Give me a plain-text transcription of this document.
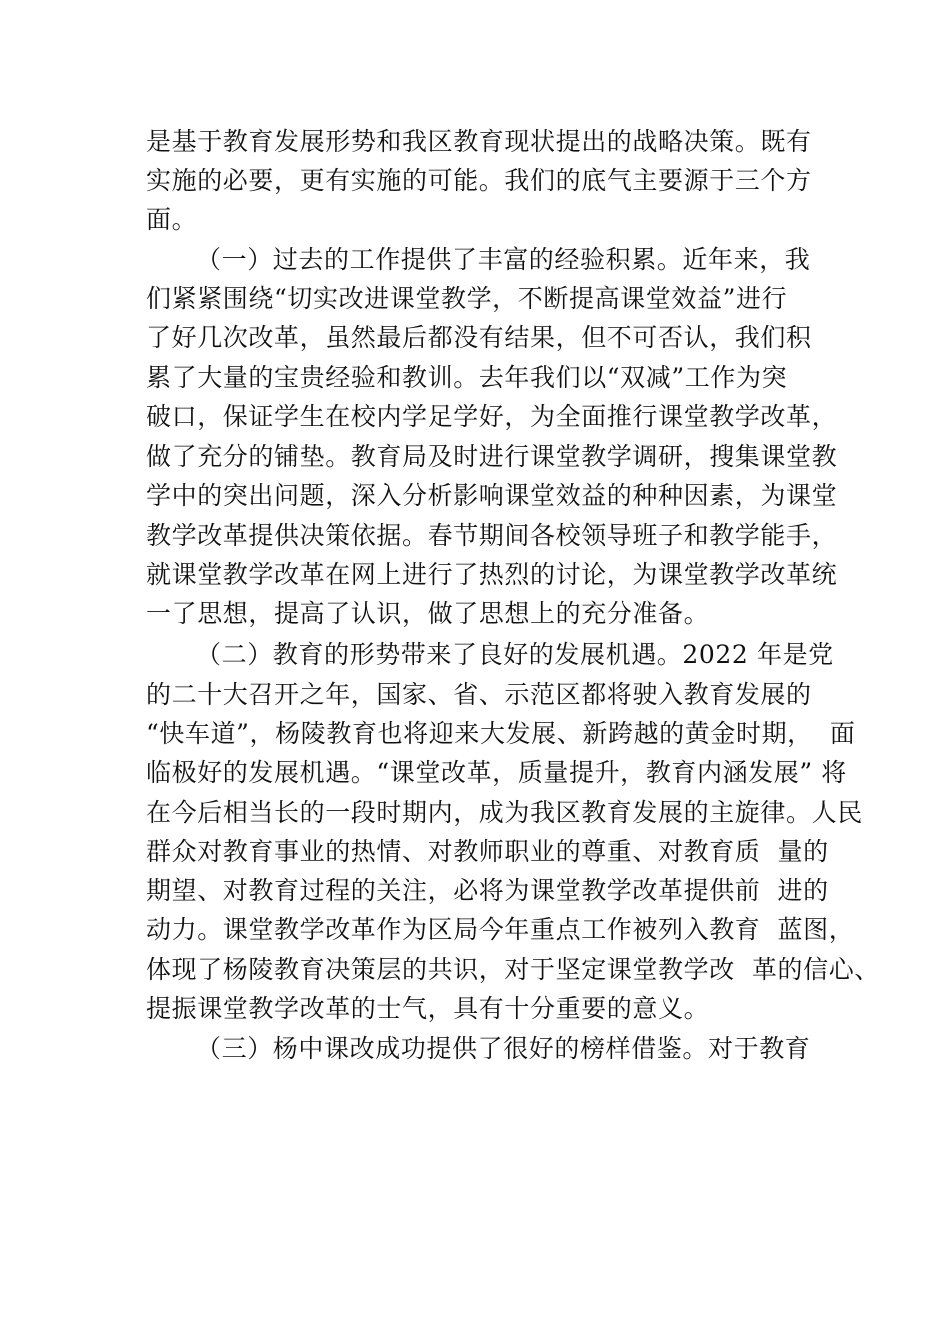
是基于教育发展形势和我区教育现状提出的战略决策。既有
实施的必要，更有实施的可能。我们的底气主要源于三个方
面。
（一）过去的工作提供了丰富的经验积累。近年来，我
们紧紧围绕“切实改进课堂教学，不断提高课堂效益”进行
了好几次改革，虽然最后都没有结果，但不可否认，我们积
累了大量的宝贵经验和教训。去年我们以“双减”工作为突
破口，保证学生在校内学足学好，为全面推行课堂教学改革，
做了充分的铺垫。教育局及时进行课堂教学调研，搜集课堂教
学中的突出问题，深入分析影响课堂效益的种种因素，为课堂
教学改革提供决策依据。春节期间各校领导班子和教学能手，
就课堂教学改革在网上进行了热烈的讨论，为课堂教学改革统
一了思想，提高了认识，做了思想上的充分准备。
（二）教育的形势带来了良好的发展机遇。2022 年是党
的二十大召开之年，国家、省、示范区都将驶入教育发展的
“快车道”，杨陵教育也将迎来大发展、新跨越的黄金时期，  面
临极好的发展机遇。“课堂改革，质量提升，教育内涵发展” 将
在今后相当长的一段时期内，成为我区教育发展的主旋律。人民
群众对教育事业的热情、对教师职业的尊重、对教育质  量的
期望、对教育过程的关注，必将为课堂教学改革提供前  进的
动力。课堂教学改革作为区局今年重点工作被列入教育  蓝图，
体现了杨陵教育决策层的共识，对于坚定课堂教学改  革的信心、
提振课堂教学改革的士气，具有十分重要的意义。
（三）杨中课改成功提供了很好的榜样借鉴。对于教育
